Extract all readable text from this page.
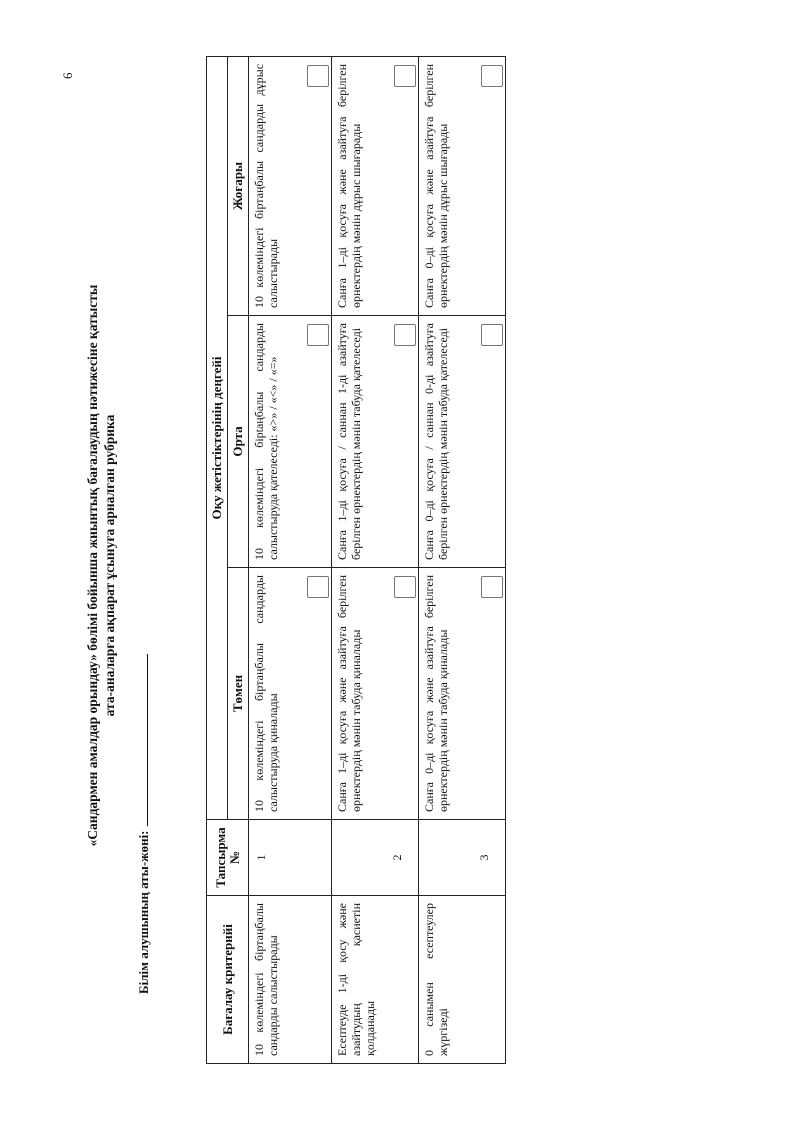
«Сандармен амалдар орындау» бөлімі бойынша жиынтық бағалаудың нәтижесіне қатысты ата-аналарға ақпарат ұсынуға арналған рубрика
Білім алушының аты-жөні:
6
Бағалау критерийі	Тапсырма №	Оқу жетістіктерінің деңгейі		
		Төмен	Орта	Жоғары

10 көлеміндегі біртаңбалы сандарды салыстырады	1	10 көлеміндегі біртаңбалы сандарды салыстыруда қиналады	10 көлеміндегі бірtаңбалы сандарды салыстыруда қателеседі: «>» / «<» / «=»	10 көлеміндегі біртаңбалы сандарды дұрыс салыстырады

Есептеуде 1-ді қосу және азайтудың қасиетін қолданады	2	Санға 1–ді қосуға және азайтуға берілген өрнектердің мәнін табуда қиналады	Санға 1–ді қосуға / саннан 1-ді азайтуға берілген өрнектердің мәнін табуда қателеседі	Санға 1–ді қосуға және азайтуға берілген өрнектердің мәнін дұрыс шығарады

0 санымен есептеулер жүргізеді	3	Санға 0–ді қосуға және азайтуға берілген өрнектердің мәнін табуда қиналады	Санға 0–ді қосуға / саннан 0-ді азайтуға берілген өрнектердің мәнін табуда қателеседі	Санға 0–ді қосуға және азайтуға берілген өрнектердің мәнін дұрыс шығарады
